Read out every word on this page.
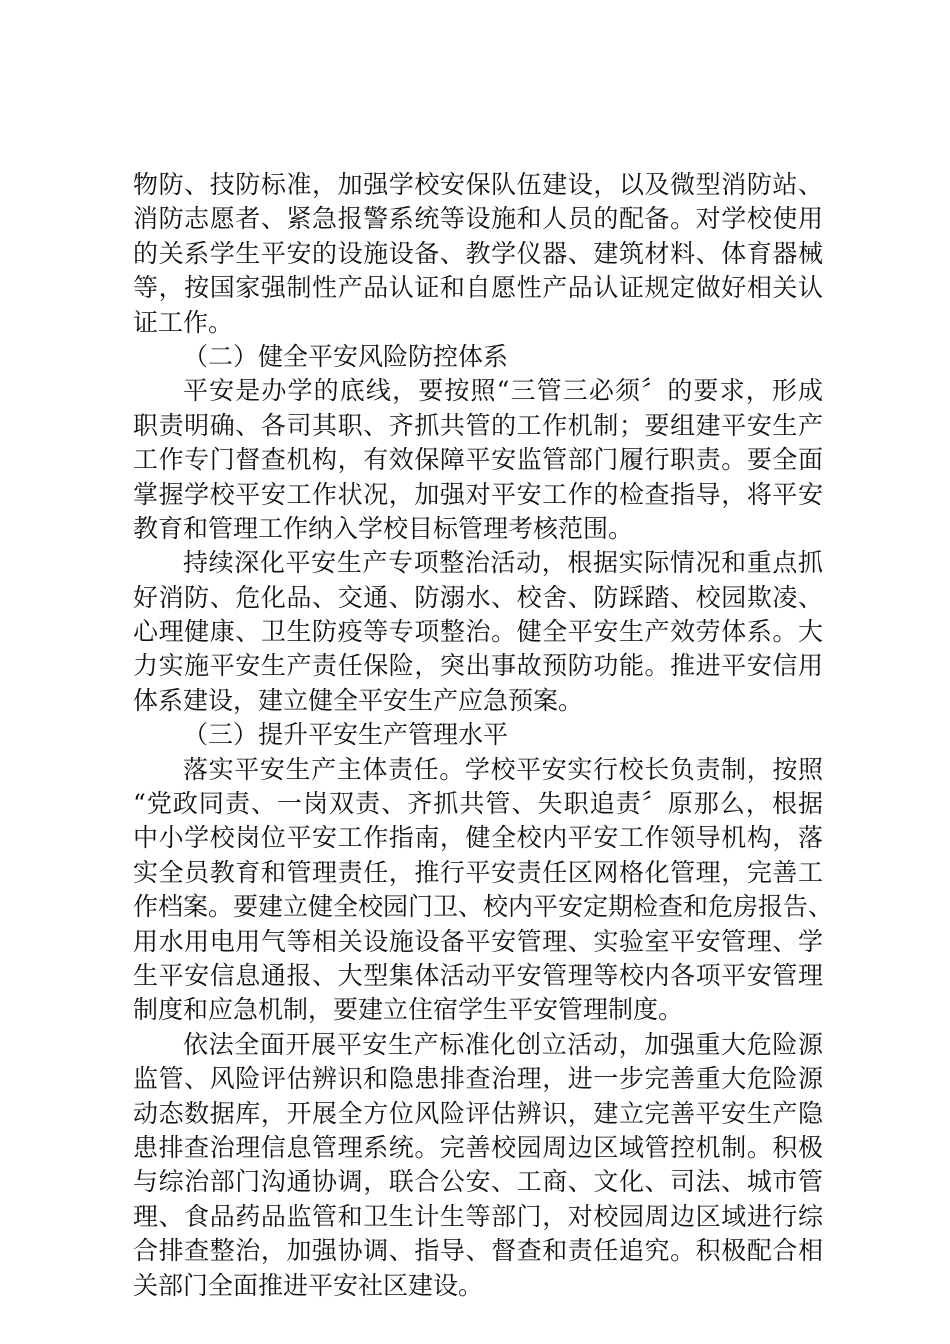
物防、技防标准，加强学校安保队伍建设，以及微型消防站、
消防志愿者、紧急报警系统等设施和人员的配备。对学校使用
的关系学生平安的设施设备、教学仪器、建筑材料、体育器械
等，按国家强制性产品认证和自愿性产品认证规定做好相关认
证工作。
（二）健全平安风险防控体系
平安是办学的底线，要按照“三管三必须〞的要求，形成
职责明确、各司其职、齐抓共管的工作机制；要组建平安生产
工作专门督查机构，有效保障平安监管部门履行职责。要全面
掌握学校平安工作状况，加强对平安工作的检查指导，将平安
教育和管理工作纳入学校目标管理考核范围。
持续深化平安生产专项整治活动，根据实际情况和重点抓
好消防、危化品、交通、防溺水、校舍、防踩踏、校园欺凌、
心理健康、卫生防疫等专项整治。健全平安生产效劳体系。大
力实施平安生产责任保险，突出事故预防功能。推进平安信用
体系建设，建立健全平安生产应急预案。
（三）提升平安生产管理水平
落实平安生产主体责任。学校平安实行校长负责制，按照
“党政同责、一岗双责、齐抓共管、失职追责〞原那么，根据
中小学校岗位平安工作指南，健全校内平安工作领导机构，落
实全员教育和管理责任，推行平安责任区网格化管理，完善工
作档案。要建立健全校园门卫、校内平安定期检查和危房报告、
用水用电用气等相关设施设备平安管理、实验室平安管理、学
生平安信息通报、大型集体活动平安管理等校内各项平安管理
制度和应急机制，要建立住宿学生平安管理制度。
依法全面开展平安生产标准化创立活动，加强重大危险源
监管、风险评估辨识和隐患排查治理，进一步完善重大危险源
动态数据库，开展全方位风险评估辨识，建立完善平安生产隐
患排查治理信息管理系统。完善校园周边区域管控机制。积极
与综治部门沟通协调，联合公安、工商、文化、司法、城市管
理、食品药品监管和卫生计生等部门，对校园周边区域进行综
合排查整治，加强协调、指导、督查和责任追究。积极配合相
关部门全面推进平安社区建设。
